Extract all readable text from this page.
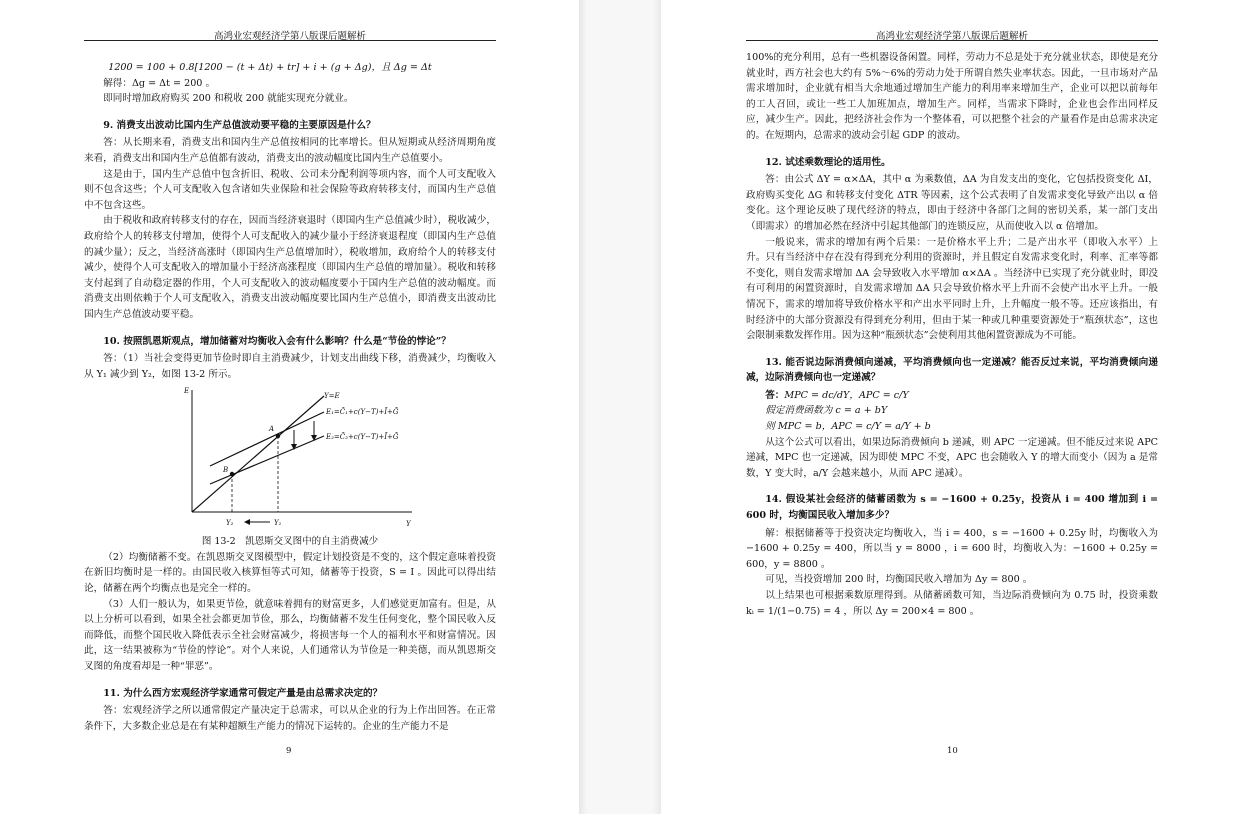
高鸿业宏观经济学第八版课后题解析

1200 = 100 + 0.8[1200 − (t + Δt) + tr] + i + (g + Δg)，且 Δg = Δt

解得：Δg = Δt = 200 。

即同时增加政府购买 200 和税收 200 就能实现充分就业。

9. 消费支出波动比国内生产总值波动要平稳的主要原因是什么？

答：从长期来看，消费支出和国内生产总值按相同的比率增长。但从短期或从经济周期角度来看，消费支出和国内生产总值都有波动，消费支出的波动幅度比国内生产总值要小。

这是由于，国内生产总值中包含折旧、税收、公司未分配利润等项内容，而个人可支配收入则不包含这些；个人可支配收入包含诸如失业保险和社会保险等政府转移支付，而国内生产总值中不包含这些。

由于税收和政府转移支付的存在，因而当经济衰退时（即国内生产总值减少时），税收减少，政府给个人的转移支付增加，使得个人可支配收入的减少量小于经济衰退程度（即国内生产总值的减少量）；反之，当经济高涨时（即国内生产总值增加时），税收增加，政府给个人的转移支付减少，使得个人可支配收入的增加量小于经济高涨程度（即国内生产总值的增加量）。税收和转移支付起到了自动稳定器的作用，个人可支配收入的波动幅度要小于国内生产总值的波动幅度。而消费支出则依赖于个人可支配收入，消费支出波动幅度要比国内生产总值小，即消费支出波动比国内生产总值波动要平稳。

10. 按照凯恩斯观点，增加储蓄对均衡收入会有什么影响？什么是“节俭的悖论”？

答：（1）当社会变得更加节俭时即自主消费减少，计划支出曲线下移，消费减少，均衡收入从 Y₁ 减少到 Y₂，如图 13-2 所示。

E
Y
Y=E
E₁=C̄₁+c(Y−T)+Ī+Ḡ
E₂=C̄₂+c(Y−T)+Ī+Ḡ
A
B
Y₁
Y₂

图 13-2　凯恩斯交叉图中的自主消费减少

（2）均衡储蓄不变。在凯恩斯交叉图模型中，假定计划投资是不变的，这个假定意味着投资在新旧均衡时是一样的。由国民收入核算恒等式可知，储蓄等于投资，S = I 。因此可以得出结论，储蓄在两个均衡点也是完全一样的。

（3）人们一般认为，如果更节俭，就意味着拥有的财富更多，人们感觉更加富有。但是，从以上分析可以看到，如果全社会都更加节俭，那么，均衡储蓄不发生任何变化，整个国民收入反而降低，而整个国民收入降低表示全社会财富减少，将损害每一个人的福利水平和财富情况。因此，这一结果被称为“节俭的悖论”。对个人来说，人们通常认为节俭是一种美德，而从凯恩斯交叉图的角度看却是一种“罪恶”。

11. 为什么西方宏观经济学家通常可假定产量是由总需求决定的？

答：宏观经济学之所以通常假定产量决定于总需求，可以从企业的行为上作出回答。在正常条件下，大多数企业总是在有某种超额生产能力的情况下运转的。企业的生产能力不是

9
高鸿业宏观经济学第八版课后题解析

100%的充分利用，总有一些机器设备闲置。同样，劳动力不总是处于充分就业状态，即使是充分就业时，西方社会也大约有 5%～6%的劳动力处于所谓自然失业率状态。因此，一旦市场对产品需求增加时，企业就有相当大余地通过增加生产能力的利用率来增加生产，企业可以把以前每年的工人召回，或让一些工人加班加点，增加生产。同样，当需求下降时，企业也会作出同样反应，减少生产。因此，把经济社会作为一个整体看，可以把整个社会的产量看作是由总需求决定的。在短期内，总需求的波动会引起 GDP 的波动。

12. 试述乘数理论的适用性。

答：由公式 ΔY = α×ΔA，其中 α 为乘数值，ΔA 为自发支出的变化，它包括投资变化 ΔI，政府购买变化 ΔG 和转移支付变化 ΔTR 等因素，这个公式表明了自发需求变化导致产出以 α 倍变化。这个理论反映了现代经济的特点，即由于经济中各部门之间的密切关系，某一部门支出（即需求）的增加必然在经济中引起其他部门的连锁反应，从而使收入以 α 倍增加。

一般说来，需求的增加有两个后果：一是价格水平上升；二是产出水平（即收入水平）上升。只有当经济中存在没有得到充分利用的资源时，并且假定自发需求变化时，利率、汇率等都不变化，则自发需求增加 ΔA 会导致收入水平增加 α×ΔA 。当经济中已实现了充分就业时，即没有可利用的闲置资源时，自发需求增加 ΔA 只会导致价格水平上升而不会使产出水平上升。一般情况下，需求的增加将导致价格水平和产出水平同时上升，上升幅度一般不等。还应该指出，有时经济中的大部分资源没有得到充分利用，但由于某一种或几种重要资源处于“瓶颈状态”，这也会限制乘数发挥作用。因为这种“瓶颈状态”会使利用其他闲置资源成为不可能。

13. 能否说边际消费倾向递减，平均消费倾向也一定递减？能否反过来说，平均消费倾向递减，边际消费倾向也一定递减？

答：MPC = dc/dY，APC = c/Y

假定消费函数为 c = a + bY

则 MPC = b，APC = c/Y = a/Y + b

从这个公式可以看出，如果边际消费倾向 b 递减，则 APC 一定递减。但不能反过来说 APC 递减，MPC 也一定递减，因为即使 MPC 不变，APC 也会随收入 Y 的增大而变小（因为 a 是常数，Y 变大时，a/Y 会越来越小，从而 APC 递减）。

14. 假设某社会经济的储蓄函数为 s = −1600 + 0.25y，投资从 i = 400 增加到 i = 600 时，均衡国民收入增加多少？

解：根据储蓄等于投资决定均衡收入，当 i = 400，s = −1600 + 0.25y 时，均衡收入为 −1600 + 0.25y = 400，所以当 y = 8000 ，i = 600 时，均衡收入为：−1600 + 0.25y = 600，y = 8800 。

可见，当投资增加 200 时，均衡国民收入增加为 Δy = 800 。

以上结果也可根据乘数原理得到。从储蓄函数可知，当边际消费倾向为 0.75 时，投资乘数 kᵢ = 1/(1−0.75) = 4 ，所以 Δy = 200×4 = 800 。

10
